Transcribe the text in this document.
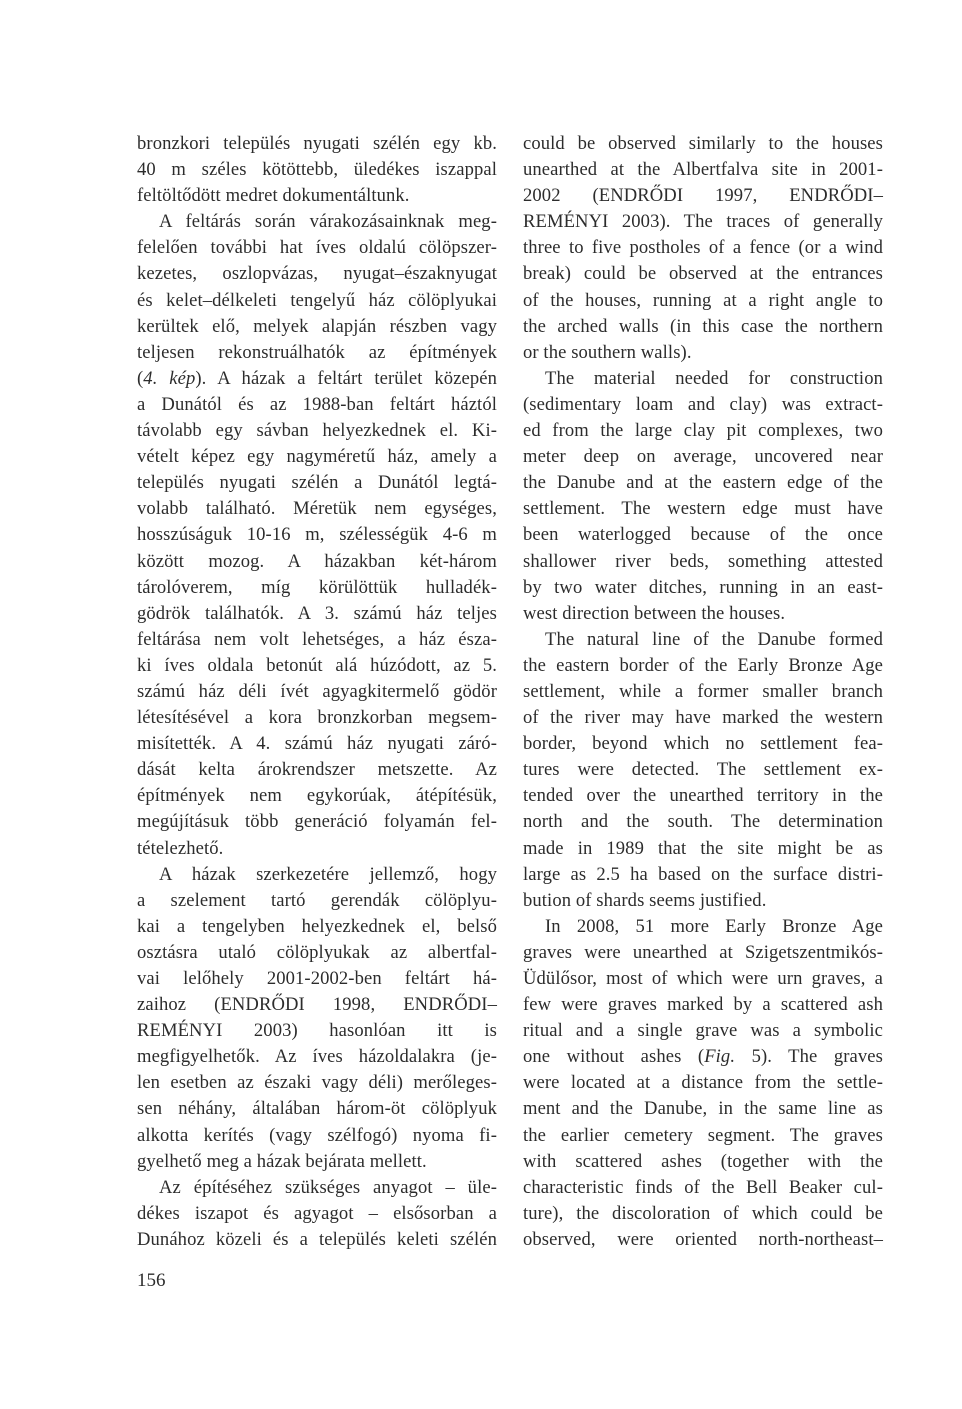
bronzkori település nyugati szélén egy kb.
40 m széles kötöttebb, üledékes iszappal
feltöltődött medret dokumentáltunk.
A feltárás során várakozásainknak meg-
felelően további hat íves oldalú cölöpszer-
kezetes, oszlopvázas, nyugat–északnyugat
és kelet–délkeleti tengelyű ház cölöplyukai
kerültek elő, melyek alapján részben vagy
teljesen rekonstruálhatók az építmények
(4. kép). A házak a feltárt terület közepén
a Dunától és az 1988-ban feltárt háztól
távolabb egy sávban helyezkednek el. Ki-
vételt képez egy nagyméretű ház, amely a
település nyugati szélén a Dunától legtá-
volabb található. Méretük nem egységes,
hosszúságuk 10-16 m, szélességük 4-6 m
között mozog. A házakban két-három
tárolóverem, míg körülöttük hulladék-
gödrök találhatók. A 3. számú ház teljes
feltárása nem volt lehetséges, a ház észa-
ki íves oldala betonút alá húzódott, az 5.
számú ház déli ívét agyagkitermelő gödör
létesítésével a kora bronzkorban megsem-
misítették. A 4. számú ház nyugati záró-
dását kelta árokrendszer metszette. Az
építmények nem egykorúak, átépítésük,
megújításuk több generáció folyamán fel-
tételezhető.
A házak szerkezetére jellemző, hogy
a szelement tartó gerendák cölöplyu-
kai a tengelyben helyezkednek el, belső
osztásra utaló cölöplyukak az albertfal-
vai lelőhely 2001-2002-ben feltárt há-
zaihoz (ENDRŐDI 1998, ENDRŐDI–
REMÉNYI 2003) hasonlóan itt is
megfigyelhetők. Az íves házoldalakra (je-
len esetben az északi vagy déli) merőleges-
sen néhány, általában három-öt cölöplyuk
alkotta kerítés (vagy szélfogó) nyoma fi-
gyelhető meg a házak bejárata mellett.
Az építéséhez szükséges anyagot – üle-
dékes iszapot és agyagot – elsősorban a
Dunához közeli és a település keleti szélén
could be observed similarly to the houses
unearthed at the Albertfalva site in 2001-
2002 (ENDRŐDI 1997, ENDRŐDI–
REMÉNYI 2003). The traces of generally
three to five postholes of a fence (or a wind
break) could be observed at the entrances
of the houses, running at a right angle to
the arched walls (in this case the northern
or the southern walls).
The material needed for construction
(sedimentary loam and clay) was extract-
ed from the large clay pit complexes, two
meter deep on average, uncovered near
the Danube and at the eastern edge of the
settlement. The western edge must have
been waterlogged because of the once
shallower river beds, something attested
by two water ditches, running in an east-
west direction between the houses.
The natural line of the Danube formed
the eastern border of the Early Bronze Age
settlement, while a former smaller branch
of the river may have marked the western
border, beyond which no settlement fea-
tures were detected. The settlement ex-
tended over the unearthed territory in the
north and the south. The determination
made in 1989 that the site might be as
large as 2.5 ha based on the surface distri-
bution of shards seems justified.
In 2008, 51 more Early Bronze Age
graves were unearthed at Szigetszentmikós-
Üdülősor, most of which were urn graves, a
few were graves marked by a scattered ash
ritual and a single grave was a symbolic
one without ashes (Fig. 5). The graves
were located at a distance from the settle-
ment and the Danube, in the same line as
the earlier cemetery segment. The graves
with scattered ashes (together with the
characteristic finds of the Bell Beaker cul-
ture), the discoloration of which could be
observed, were oriented north-northeast–
156
